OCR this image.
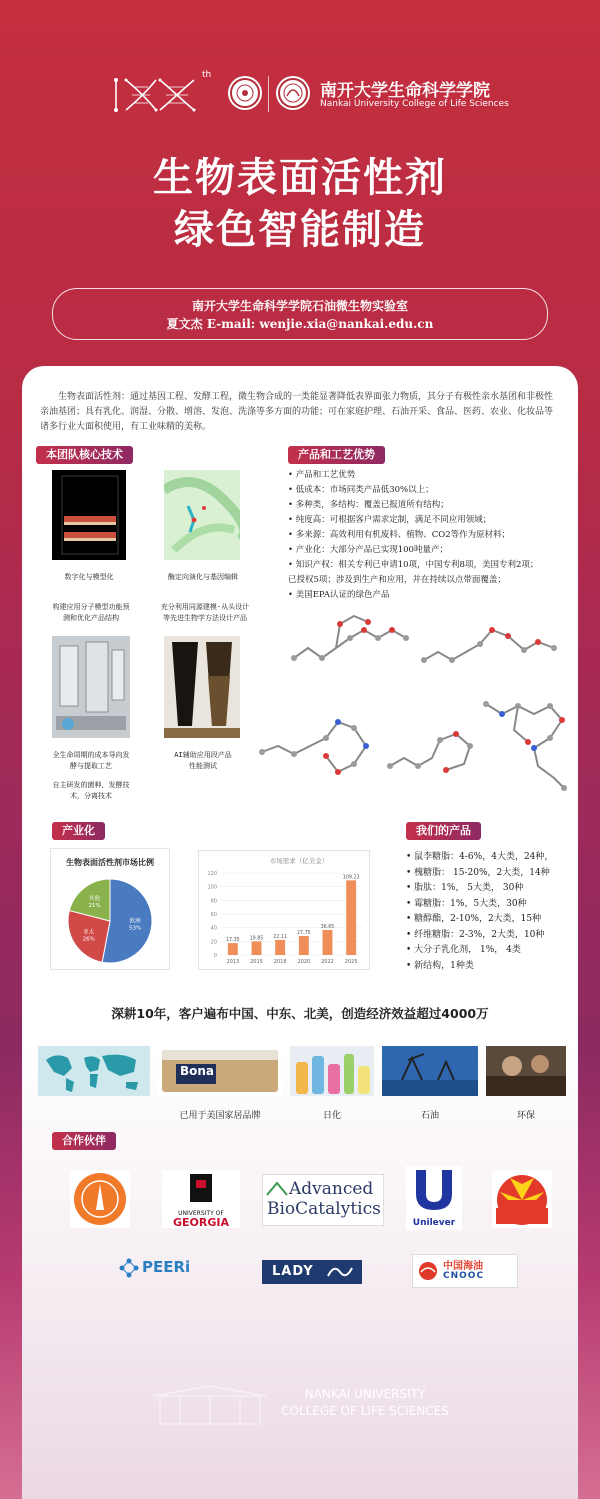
th
南开大学生命科学学院
Nankai University College of Life Sciences
生物表面活性剂
绿色智能制造
南开大学生命科学学院石油微生物实验室
夏文杰 E-mail: wenjie.xia@nankai.edu.cn
生物表面活性剂：通过基因工程、发酵工程，微生物合成的一类能显著降低表界面张力物质，其分子有极性亲水基团和非极性亲油基团；具有乳化、润湿、分散、增溶、发泡、洗涤等多方面的功能；可在家庭护理、石油开采、食品、医药、农业、化妆品等诸多行业大面积使用，有工业味精的美称。
本团队核心技术
数字化与模型化	酶定向演化与基因编辑
构建应用分子模型功能预
测和优化产品结构
充分利用同源建模·从头设计
等先进生物学方法设计产品
全生命周期的成本导向发
酵与提取工艺
AI辅助应用段产品
性能测试
自主研发的菌种，发酵技
术，分离技术
产品和工艺优势
• 产品和工艺优势
• 低成本：市场同类产品低30%以上；
• 多种类，多结构：覆盖已报道所有结构；
• 纯度高：可根据客户需求定制，满足不同应用领域；
• 多来源：高效利用有机废料、植物、CO2等作为原材料；
• 产业化：大部分产品已实现100吨量产；
• 知识产权：相关专利已申请10项，中国专利8项，美国专利2项；
已授权5项；涉及到生产和应用，并在持续以点带面覆盖；
• 美国EPA认证的绿色产品
产业化
生物表面活性剂市场比例
欧洲
53%
亚太
26%
其他
21%
市场需求（亿美金）
0
20
40
60
80
100
120
17.35
2013
19.85
2015
22.11
2018
27.75
2020
36.65
2022
109.23
2025
我们的产品
• 鼠李糖脂：4-6%，4大类，24种，
• 槐糖脂： 15-20%，2大类，14种
• 脂肽：1%， 5大类， 30种
• 霉糖脂：1%，5大类，30种
• 糖醇酯，2-10%，2大类，15种
• 纤维糖脂：2-3%，2大类，10种
• 大分子乳化剂， 1%， 4类
• 新结构，1种类
深耕10年，客户遍布中国、中东、北美，创造经济效益超过4000万
Bona
已用于美国家居品牌	日化	石油	环保
合作伙伴
UNIVERSITY OF
GEORGIA
Advanced
BioCatalytics
Unilever
PEERi	LADY	中国海油
CNOOC
NANKAI UNIVERSITY
COLLEGE OF LIFE SCIENCES
